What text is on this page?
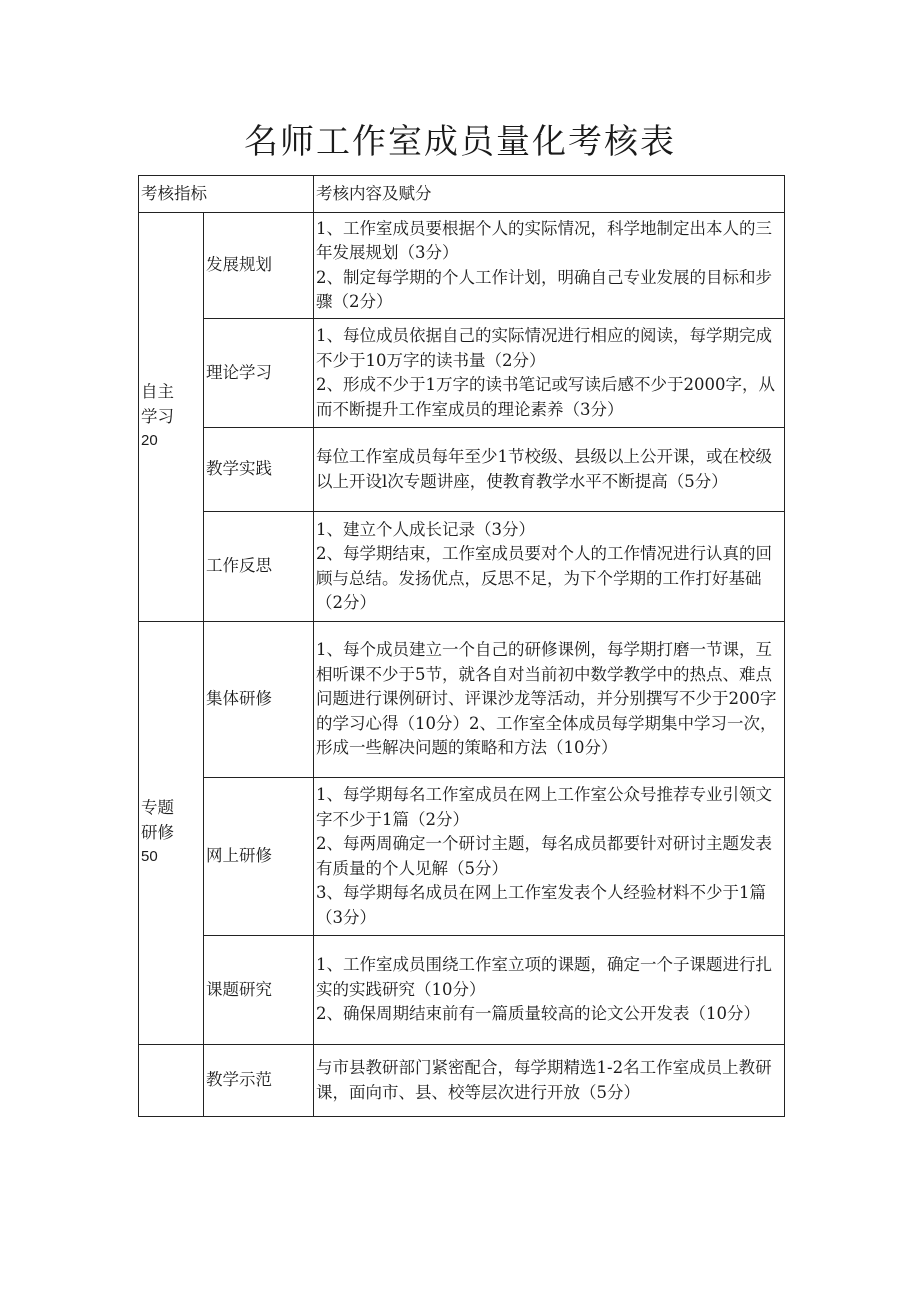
名师工作室成员量化考核表
考核指标		考核内容及赋分

自主
学习
20	发展规划	1、工作室成员要根据个人的实际情况，科学地制定出本人的三年发展规划（3分）
2、制定每学期的个人工作计划，明确自己专业发展的目标和步骤（2分）

	理论学习	1、每位成员依据自己的实际情况进行相应的阅读，每学期完成不少于10万字的读书量（2分）
2、形成不少于1万字的读书笔记或写读后感不少于2000字，从而不断提升工作室成员的理论素养（3分）

	教学实践	每位工作室成员每年至少1节校级、县级以上公开课，或在校级以上开设l次专题讲座，使教育教学水平不断提高（5分）

	工作反思	1、建立个人成长记录（3分）
2、每学期结束，工作室成员要对个人的工作情况进行认真的回顾与总结。发扬优点，反思不足，为下个学期的工作打好基础（2分）

专题
研修
50	集体研修	1、每个成员建立一个自己的研修课例，每学期打磨一节课，互相听课不少于5节，就各自对当前初中数学教学中的热点、难点问题进行课例研讨、评课沙龙等活动，并分别撰写不少于200字的学习心得（10分）2、工作室全体成员每学期集中学习一次，形成一些解决问题的策略和方法（10分）

	网上研修	1、每学期每名工作室成员在网上工作室公众号推荐专业引领文字不少于1篇（2分）
2、每两周确定一个研讨主题，每名成员都要针对研讨主题发表有质量的个人见解（5分）
3、每学期每名成员在网上工作室发表个人经验材料不少于1篇（3分）

	课题研究	1、工作室成员围绕工作室立项的课题，确定一个子课题进行扎实的实践研究（10分）
2、确保周期结束前有一篇质量较高的论文公开发表（10分）

	教学示范	与市县教研部门紧密配合，每学期精选1-2名工作室成员上教研课，面向市、县、校等层次进行开放（5分）
